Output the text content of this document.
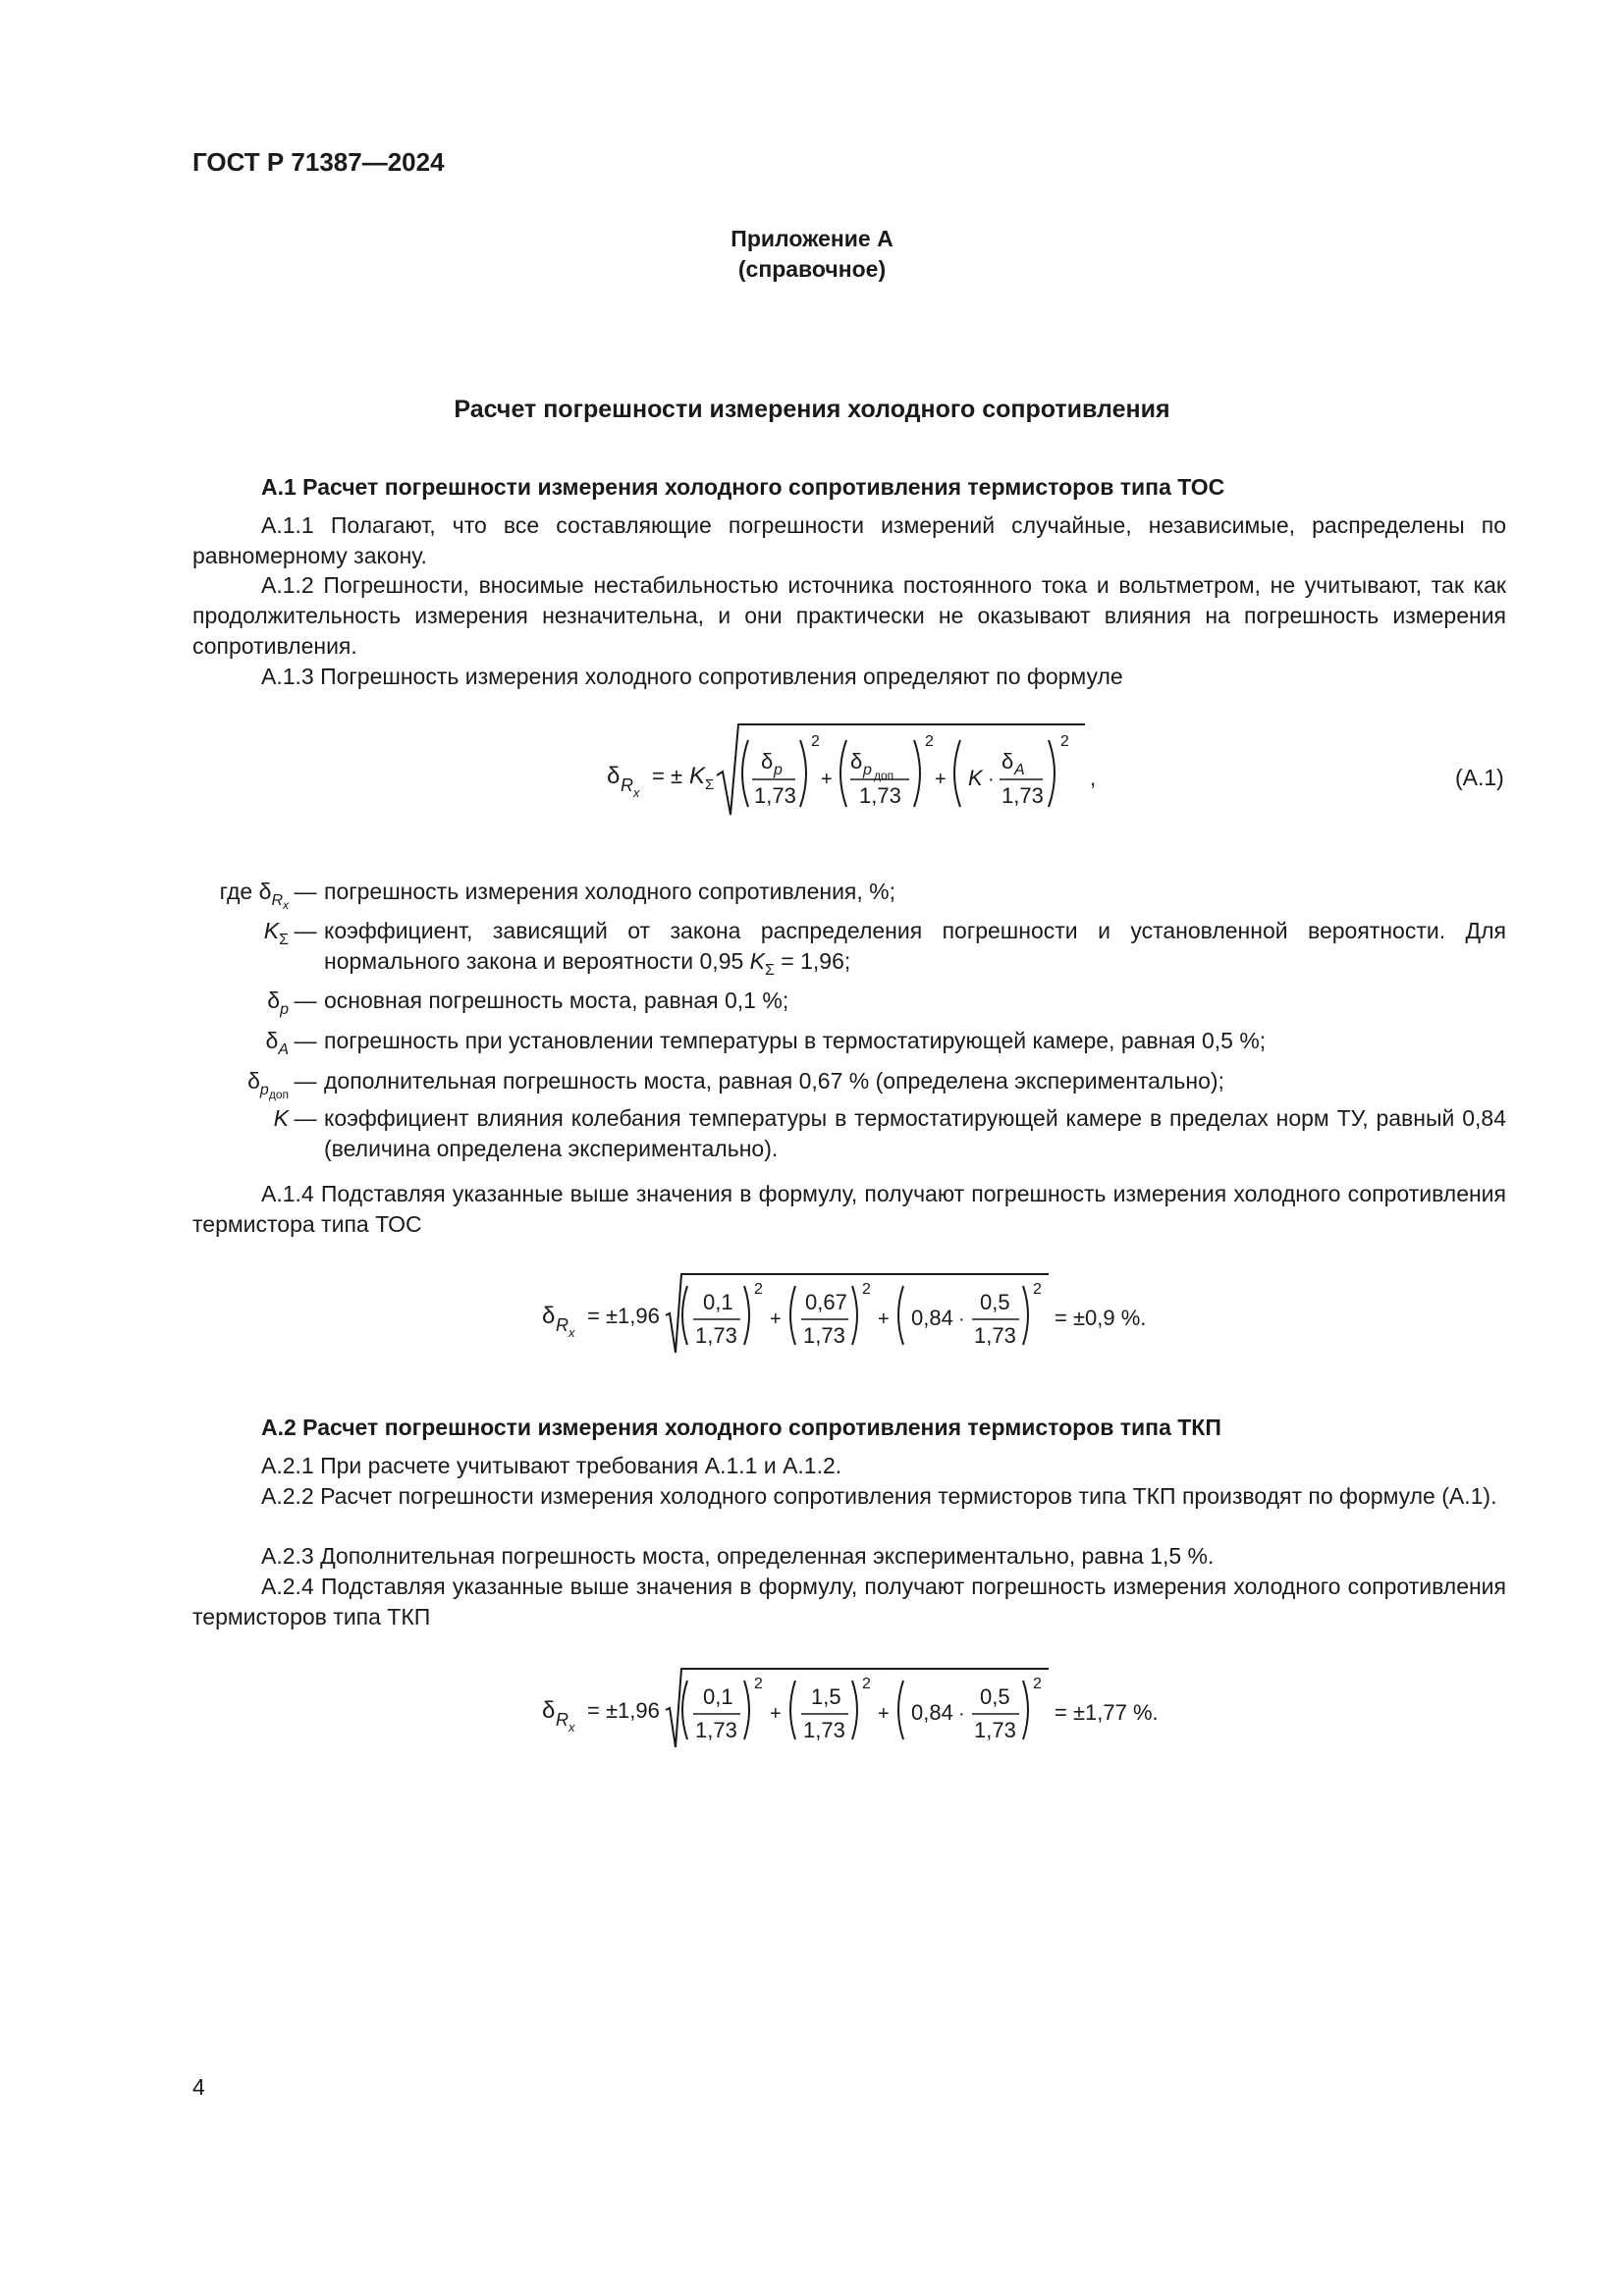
ГОСТ Р 71387—2024
Приложение А
(справочное)
Расчет погрешности измерения холодного сопротивления
А.1 Расчет погрешности измерения холодного сопротивления термисторов типа ТОС
А.1.1 Полагают, что все составляющие погрешности измерений случайные, независимые, распределены по равномерному закону.
А.1.2 Погрешности, вносимые нестабильностью источника постоянного тока и вольтметром, не учитывают, так как продолжительность измерения незначительна, и они практически не оказывают влияния на погрешность измерения сопротивления.
А.1.3 Погрешность измерения холодного сопротивления определяют по формуле
δ R x
= ± K Σ
δ p
1,73
2
+
δ p доп
1,73
2
+ K ·
δ A
1,73
2
,	(А.1)
где $\delta_{R_x}$
— погрешность измерения холодного сопротивления, %;
$K_\Sigma$ — коэффициент, зависящий от закона распределения погрешности и установленной вероятности. Для нормального закона и вероятности 0,95 $K_\Sigma = 1,96$;
$\delta_p$ — основная погрешность моста, равная 0,1 %;
$\delta_A$ — погрешность при установлении температуры в термостатирующей камере, равная 0,5 %;
$\delta_{p_{доп}}$
— дополнительная погрешность моста, равная 0,67 % (определена экспериментально);
K — коэффициент влияния колебания температуры в термостатирующей камере в пределах норм ТУ, равный 0,84 (величина определена экспериментально).
А.1.4 Подставляя указанные выше значения в формулу, получают погрешность измерения холодного сопротивления термистора типа ТОС
δ R x
= ±1,96
0,1
1,73
2
+
0,67
1,73
2
+ 0,84 ·
0,5
1,73
2
= ±0,9 %.
А.2 Расчет погрешности измерения холодного сопротивления термисторов типа ТКП
А.2.1 При расчете учитывают требования А.1.1 и А.1.2.
А.2.2 Расчет погрешности измерения холодного сопротивления термисторов типа ТКП производят по формуле (А.1).
А.2.3 Дополнительная погрешность моста, определенная экспериментально, равна 1,5 %.
А.2.4 Подставляя указанные выше значения в формулу, получают погрешность измерения холодного сопротивления термисторов типа ТКП
δ R x
= ±1,96
0,1
1,73
2
+
1,5
1,73
2
+ 0,84 ·
0,5
1,73
2
= ±1,77 %.
4
